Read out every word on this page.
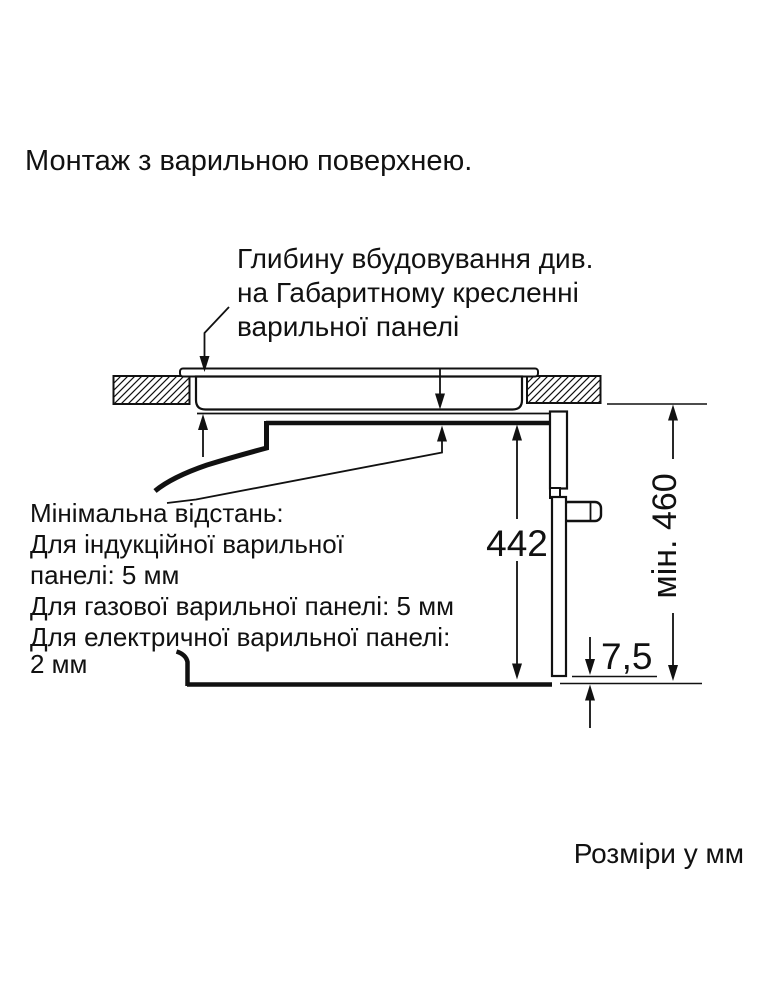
Монтаж з варильною поверхнею.
Глибину вбудовування див.
на Габаритному кресленні
варильної панелі
Мінімальна відстань:
Для індукційної варильної
панелі: 5 мм
Для газової варильної панелі: 5 мм
Для електричної варильної панелі:
2 мм
442
7,5
мін. 460
Розміри у мм
